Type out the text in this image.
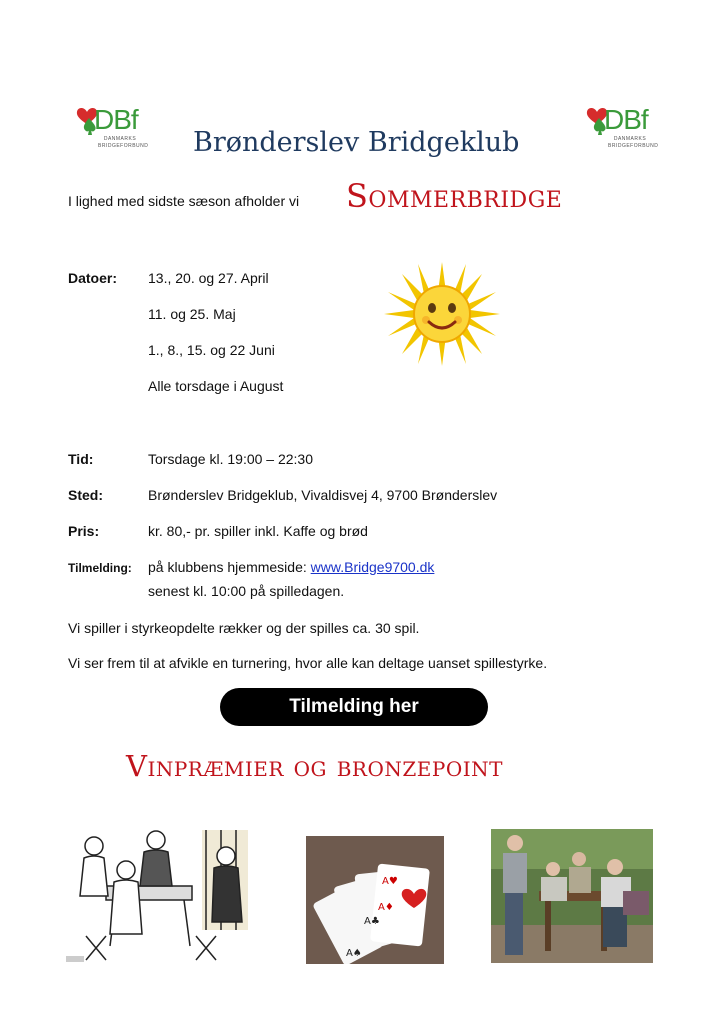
DBf
DANMARKS
BRIDGEFORBUND
DBf
DANMARKS
BRIDGEFORBUND
Brønderslev Bridgeklub
I lighed med sidste sæson afholder vi Sommerbridge
Datoer: 13., 20. og 27. April
11. og 25. Maj
1., 8., 15. og 22 Juni
Alle torsdage i August
Tid:	Torsdage kl. 19:00 – 22:30
Sted:	Brønderslev Bridgeklub, Vivaldisvej 4, 9700 Brønderslev
Pris:	kr. 80,- pr. spiller inkl. Kaffe og brød
Tilmelding: på klubbens hjemmeside: www.Bridge9700.dk
senest kl. 10:00 på spilledagen.
Vi spiller i styrkeopdelte rækker og der spilles ca. 30 spil.
Vi ser frem til at afvikle en turnering, hvor alle kan deltage uanset spillestyrke.
Tilmelding her
Vinpræmier og bronzepoint
A♠
A♣
A♦
A♥
